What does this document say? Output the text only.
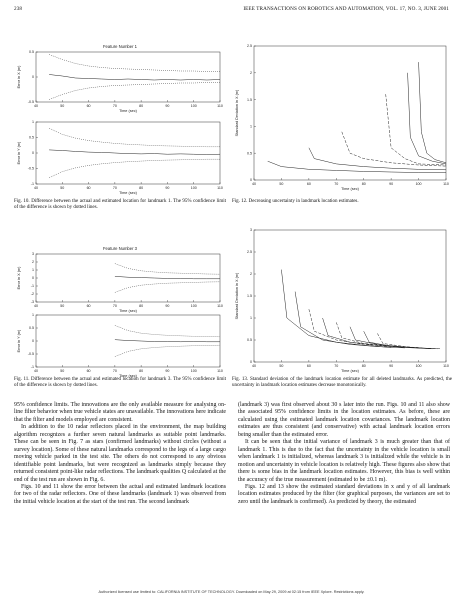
238	IEEE TRANSACTIONS ON ROBOTICS AND AUTOMATION, VOL. 17, NO. 3, JUNE 2001
Feature Number 1
40	50	60	70	80	90	100	110
-0.5
0
0.5
Time (sec)
Error in X (m)
40	50	60	70	80	90	100	110
-1
-0.5
0
0.5
1
Time (sec)
Error in Y (m)
Fig. 10. Difference between the actual and estimated location for landmark 1. The 95% confidence limit of the difference is shown by dotted lines.
Feature Number 3
40	50	60	70	80	90	100	110
-3
-2
-1
0
1
2
3
Time (sec)
Error in X (m)
40	50	60	70	80	90	100	110
-1
-0.5
0
0.5
1
Time (sec)
Error in Y (m)
Fig. 11. Difference between the actual and estimated location for landmark 3. The 95% confidence limit of the difference is shown by dotted lines.
40	50	60	70	80	90	100	110
0
0.5
1
1.5
2
2.5
Time (sec)
Standard Deviation in X (m)
Fig. 12. Decreasing uncertainty in landmark location estimates.
40	50	60	70	80	90	100	110
0
0.5
1
1.5
2
2.5
3
Time (sec)
Standard Deviation in X (m)
Fig. 13. Standard deviation of the landmark location estimate for all deleted landmarks. As predicted, the uncertainty in landmark location estimates decrease monotonically.

95% confidence limits. The innovations are the only available measure for analysing on-line filter behavior when true vehicle states are unavailable. The innovations here indicate that the filter and models employed are consistent.

In addition to the 10 radar reflectors placed in the environment, the map building algorithm recognizes a further seven natural landmarks as suitable point landmarks. These can be seen in Fig. 7 as stars (confirmed landmarks) without circles (without a survey location). Some of these natural landmarks correspond to the legs of a large cargo moving vehicle parked in the test site. The others do not correspond to any obvious identifiable point landmarks, but were recognized as landmarks simply because they returned consistent point-like radar reflections. The landmark qualities Q calculated at the end of the test run are shown in Fig. 6.

Figs. 10 and 11 show the error between the actual and estimated landmark locations for two of the radar reflectors. One of these landmarks (landmark 1) was observed from the initial vehicle location at the start of the test run. The second landmark

(landmark 3) was first observed about 30 s later into the run. Figs. 10 and 11 also show the associated 95% confidence limits in the location estimates. As before, these are calculated using the estimated landmark location covariances. The landmark location estimates are thus consistent (and conservative) with actual landmark location errors being smaller than the estimated error.

It can be seen that the initial variance of landmark 3 is much greater than that of landmark 1. This is due to the fact that the uncertainty in the vehicle location is small when landmark 1 is initialized, whereas landmark 3 is initialized while the vehicle is in motion and uncertainty in vehicle location is relatively high. These figures also show that there is some bias in the landmark location estimates. However, this bias is well within the accuracy of the true measurement (estimated to be ±0.1 m).

Figs. 12 and 13 show the estimated standard deviations in x and y of all landmark location estimates produced by the filter (for graphical purposes, the variances are set to zero until the landmark is confirmed). As predicted by theory, the estimated

Authorized licensed use limited to: CALIFORNIA INSTITUTE OF TECHNOLOGY. Downloaded on May 29, 2009 at 02:15 from IEEE Xplore. Restrictions apply.
